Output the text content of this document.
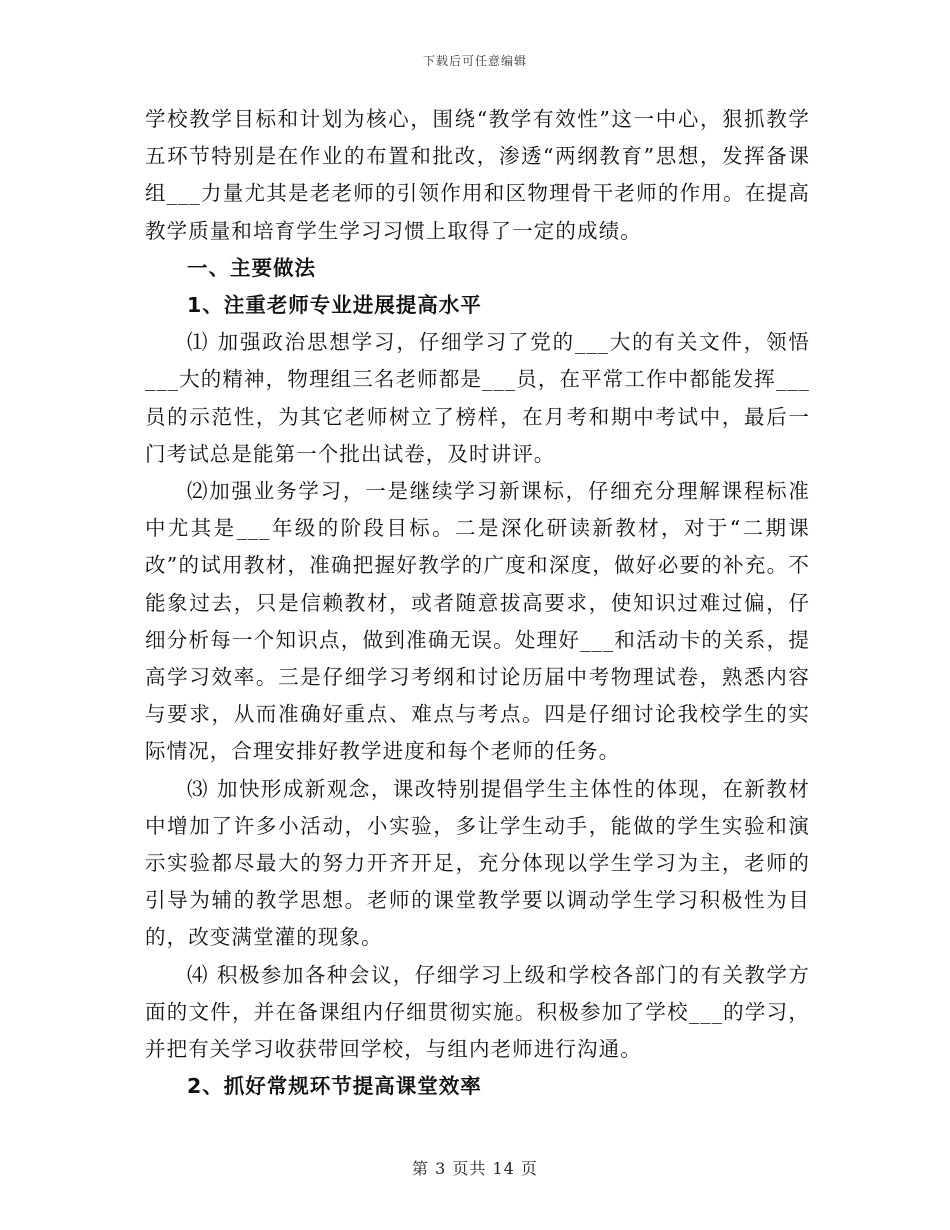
下载后可任意编辑

学校教学目标和计划为核心，围绕“教学有效性”这一中心，狠抓教学五环节特别是在作业的布置和批改，渗透“两纲教育”思想，发挥备课组___力量尤其是老老师的引领作用和区物理骨干老师的作用。在提高教学质量和培育学生学习习惯上取得了一定的成绩。

一、主要做法
1、注重老师专业进展提高水平

⑴ 加强政治思想学习，仔细学习了党的___大的有关文件，领悟___大的精神，物理组三名老师都是___员，在平常工作中都能发挥___员的示范性，为其它老师树立了榜样，在月考和期中考试中，最后一门考试总是能第一个批出试卷，及时讲评。

⑵加强业务学习，一是继续学习新课标，仔细充分理解课程标准中尤其是___年级的阶段目标。二是深化研读新教材，对于“二期课改”的试用教材，准确把握好教学的广度和深度，做好必要的补充。不能象过去，只是信赖教材，或者随意拔高要求，使知识过难过偏，仔细分析每一个知识点，做到准确无误。处理好___和活动卡的关系，提高学习效率。三是仔细学习考纲和讨论历届中考物理试卷，熟悉内容与要求，从而准确好重点、难点与考点。四是仔细讨论我校学生的实际情况，合理安排好教学进度和每个老师的任务。

⑶ 加快形成新观念，课改特别提倡学生主体性的体现，在新教材中增加了许多小活动，小实验，多让学生动手，能做的学生实验和演示实验都尽最大的努力开齐开足，充分体现以学生学习为主，老师的引导为辅的教学思想。老师的课堂教学要以调动学生学习积极性为目的，改变满堂灌的现象。

⑷ 积极参加各种会议，仔细学习上级和学校各部门的有关教学方面的文件，并在备课组内仔细贯彻实施。积极参加了学校___的学习，并把有关学习收获带回学校，与组内老师进行沟通。

2、抓好常规环节提高课堂效率
第 3 页共 14 页
